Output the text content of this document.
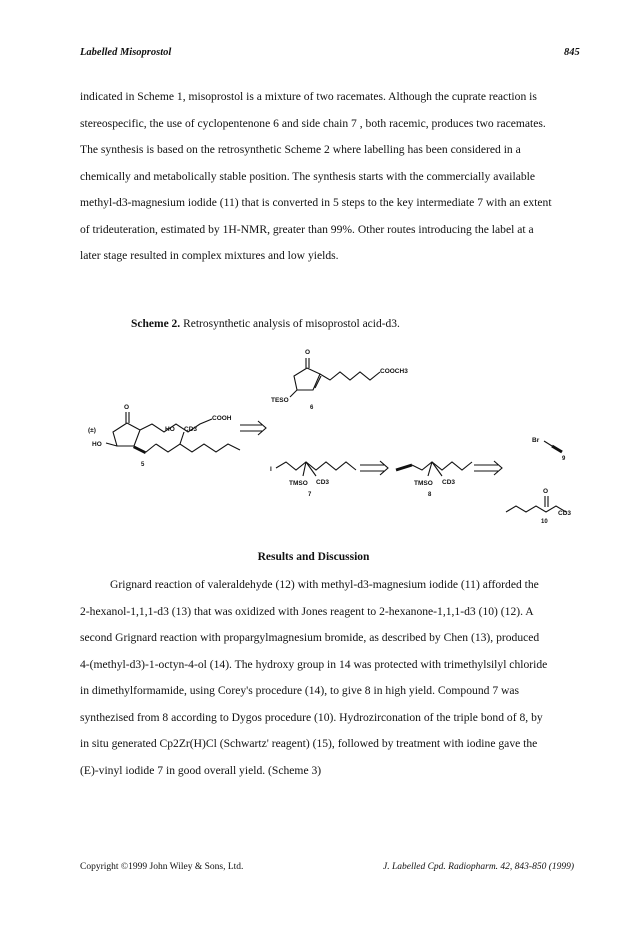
Labelled Misoprostol	845
indicated in Scheme 1, misoprostol is a mixture of two racemates. Although the cuprate reaction is
stereospecific, the use of cyclopentenone 6 and side chain 7 , both racemic, produces two racemates.
The synthesis is based on the retrosynthetic Scheme 2 where labelling has been considered in a
chemically and metabolically stable position. The synthesis starts with the commercially available
methyl-d3-magnesium iodide (11) that is converted in 5 steps to the key intermediate 7 with an extent
of trideuteration, estimated by 1H-NMR, greater than 99%. Other routes introducing the label at a
later stage resulted in complex mixtures and low yields.
Scheme 2. Retrosynthetic analysis of misoprostol acid-d3.
O
COOCH3
TESO
O
COOH
(±)
HO
HO CD3
I
TMSO CD3	TMSO CD3
Br
O
CD3
6
5
7	8
9
10
Results and Discussion
Grignard reaction of valeraldehyde (12) with methyl-d3-magnesium iodide (11) afforded the
2-hexanol-1,1,1-d3 (13) that was oxidized with Jones reagent to 2-hexanone-1,1,1-d3 (10) (12). A
second Grignard reaction with propargylmagnesium bromide, as described by Chen (13), produced
4-(methyl-d3)-1-octyn-4-ol (14). The hydroxy group in 14 was protected with trimethylsilyl chloride
in dimethylformamide, using Corey's procedure (14), to give 8 in high yield. Compound 7 was
synthezised from 8 according to Dygos procedure (10). Hydrozirconation of the triple bond of 8, by
in situ generated Cp2Zr(H)Cl (Schwartz' reagent) (15), followed by treatment with iodine gave the
(E)-vinyl iodide 7 in good overall yield. (Scheme 3)
Copyright ©1999 John Wiley & Sons, Ltd.	J. Labelled Cpd. Radiopharm. 42, 843-850 (1999)
